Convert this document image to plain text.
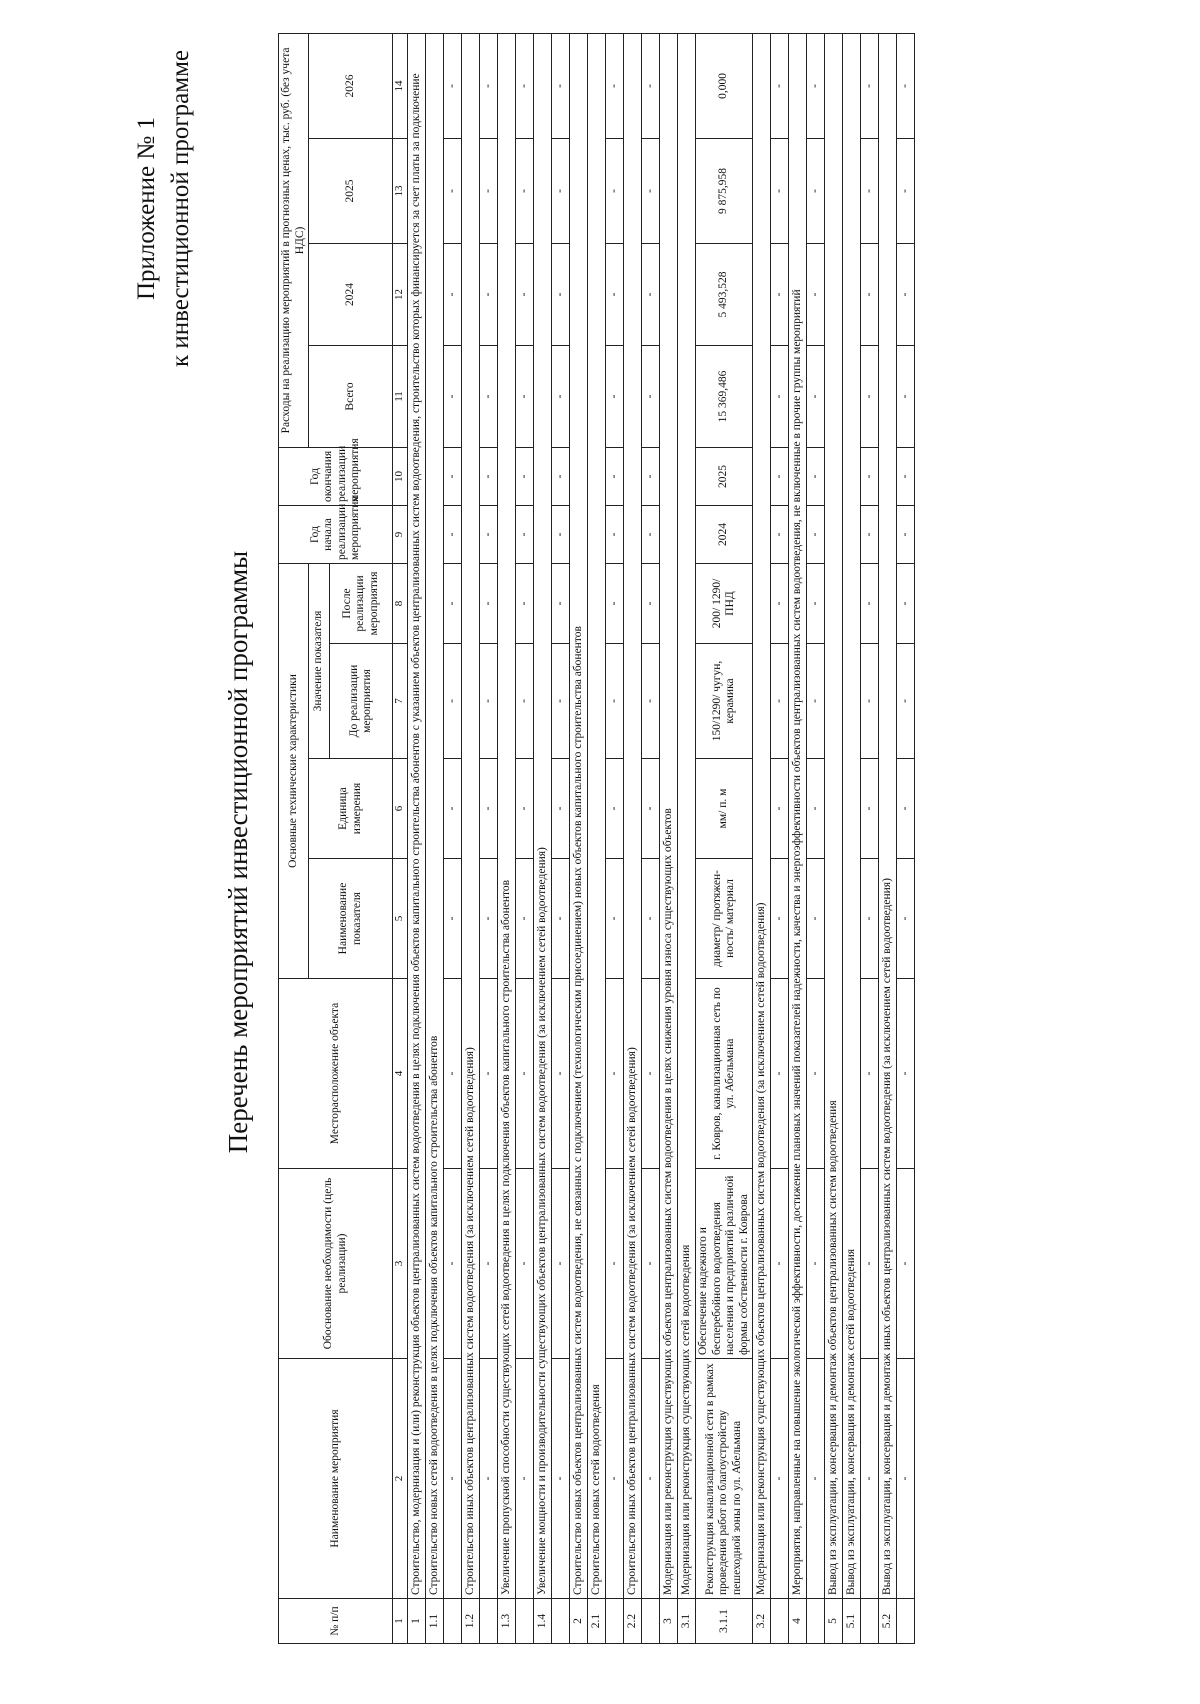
Приложение № 1 к инвестиционной программе
Перечень мероприятий инвестиционной программы
№ п/п	Наименование мероприятия	Обоснование необходимости (цель реализации)	Месторасположение объекта	Основные технические характеристики				Год начала реализации мероприятия	Год окончания реализации мероприятия	Расходы на реализацию мероприятий в прогнозных ценах, тыс. руб. (без учета НДС)			
				Наименование показателя	Единица измерения	Значение показателя				Всего	2024	2025	2026
						До реализации мероприятия	После реализации мероприятия						
1	2	3	4	5	6	7	8	9	10	11	12	13	14
1	Строительство, модернизация и (или) реконструкция объектов централизованных систем водоотведения в целях подключения объектов капитального строительства абонентов с указанием объектов централизованных систем водоотведения, строительство которых финансируется за счет платы за подключение												
1.1	Строительство новых сетей водоотведения в целях подключения объектов капитального строительства абонентов												
	-	-	-	-	-	-	-	-	-	-	-	-	-
1.2	Строительство иных объектов централизованных систем водоотведения (за исключением сетей водоотведения)												
	-	-	-	-	-	-	-	-	-	-	-	-	-
1.3	Увеличение пропускной способности существующих сетей водоотведения в целях подключения объектов капитального строительства абонентов												
	-	-	-	-	-	-	-	-	-	-	-	-	-
1.4	Увеличение мощности и производительности существующих объектов централизованных систем водоотведения (за исключением сетей водоотведения)												
	-	-	-	-	-	-	-	-	-	-	-	-	-
2	Строительство новых объектов централизованных систем водоотведения, не связанных с подключением (технологическим присоединением) новых объектов капитального строительства абонентов												
2.1	Строительство новых сетей водоотведения												
	-	-	-	-	-	-	-	-	-	-	-	-	-
2.2	Строительство иных объектов централизованных систем водоотведения (за исключением сетей водоотведения)												
	-	-	-	-	-	-	-	-	-	-	-	-	-
3	Модернизация или реконструкция существующих объектов централизованных систем водоотведения в целях снижения уровня износа существующих объектов												
3.1	Модернизация или реконструкция существующих сетей водоотведения												
3.1.1	Реконструкция канализационной сети в рамках проведения работ по благоустройству пешеходной зоны по ул. Абельмана	Обеспечение надежного и бесперебойного водоотведения населения и предприятий различной формы собственности г. Коврова	г. Ковров, канализационная сеть по ул. Абельмана	диаметр/ протяжен-ность/ материал	мм/ п. м	150/1290/ чугун, керамика	200/ 1290/ ПНД	2024	2025	15 369,486	5 493,528	9 875,958	0,000
3.2	Модернизация или реконструкция существующих объектов централизованных систем водоотведения (за исключением сетей водоотведения)												
	-	-	-	-	-	-	-	-	-	-	-	-	-
4	Мероприятия, направленные на повышение экологической эффективности, достижение плановых значений показателей надежности, качества и энергоэффективности объектов централизованных систем водоотведения, не включенные в прочие группы мероприятий												
	-	-	-	-	-	-	-	-	-	-	-	-	-
5	Вывод из эксплуатации, консервация и демонтаж объектов централизованных систем водоотведения												
5.1	Вывод из эксплуатации, консервация и демонтаж сетей водоотведения												
	-	-	-	-	-	-	-	-	-	-	-	-	-
5.2	Вывод из эксплуатации, консервация и демонтаж иных объектов централизованных систем водоотведения (за исключением сетей водоотведения)												
	-	-	-	-	-	-	-	-	-	-	-	-	-
